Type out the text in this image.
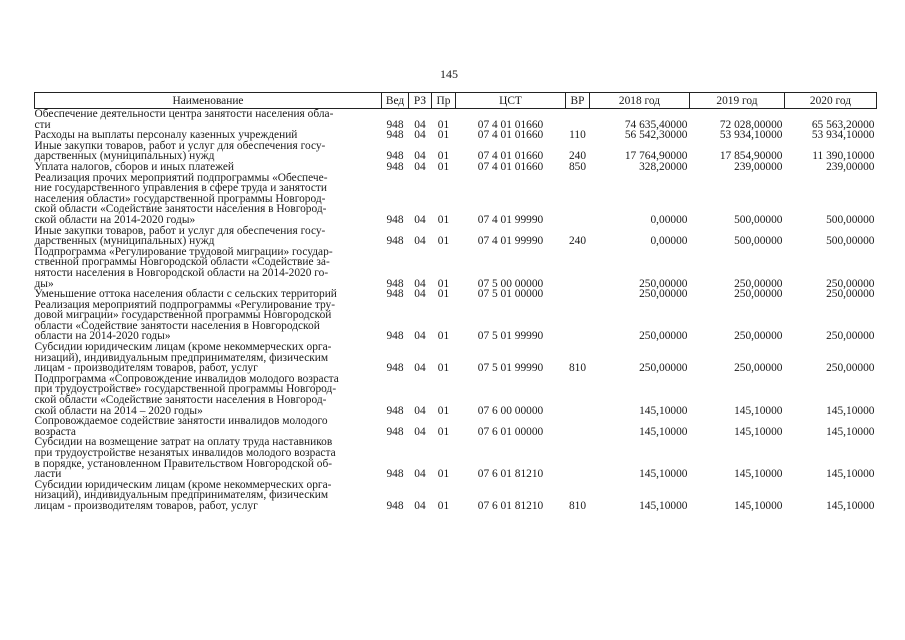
145
Наименование	Вед	РЗ	Пр	ЦСТ	ВР	2018 год	2019 год	2020 год

Обеспечение деятельности центра занятости населения обла-
сти	948	04	01	07 4 01 01660		74 635,40000	72 028,00000	65 563,20000

Расходы на выплаты персоналу казенных учреждений	948	04	01	07 4 01 01660	110	56 542,30000	53 934,10000	53 934,10000

Иные закупки товаров, работ и услуг для обеспечения госу-
дарственных (муниципальных) нужд	948	04	01	07 4 01 01660	240	17 764,90000	17 854,90000	11 390,10000

Уплата налогов, сборов и иных платежей	948	04	01	07 4 01 01660	850	328,20000	239,00000	239,00000

Реализация прочих мероприятий подпрограммы «Обеспече-
ние государственного управления в сфере труда и занятости
населения области» государственной программы Новгород-
ской области «Содействие занятости населения в Новгород-
ской области на 2014-2020 годы»	948	04	01	07 4 01 99990		0,00000	500,00000	500,00000

Иные закупки товаров, работ и услуг для обеспечения госу-
дарственных (муниципальных) нужд	948	04	01	07 4 01 99990	240	0,00000	500,00000	500,00000

Подпрограмма «Регулирование трудовой миграции» государ-
ственной программы Новгородской области «Содействие за-
нятости населения в Новгородской области на 2014-2020 го-
ды»	948	04	01	07 5 00 00000		250,00000	250,00000	250,00000

Уменьшение оттока населения области с сельских территорий	948	04	01	07 5 01 00000		250,00000	250,00000	250,00000

Реализация мероприятий подпрограммы «Регулирование тру-
довой миграции» государственной программы Новгородской
области «Содействие занятости населения в Новгородской
области на 2014-2020 годы»	948	04	01	07 5 01 99990		250,00000	250,00000	250,00000

Субсидии юридическим лицам (кроме некоммерческих орга-
низаций), индивидуальным предпринимателям, физическим
лицам - производителям товаров, работ, услуг	948	04	01	07 5 01 99990	810	250,00000	250,00000	250,00000

Подпрограмма «Сопровождение инвалидов молодого возраста
при трудоустройстве» государственной программы Новгород-
ской области «Содействие занятости населения в Новгород-
ской области на 2014 – 2020 годы»	948	04	01	07 6 00 00000		145,10000	145,10000	145,10000

Сопровождаемое содействие занятости инвалидов молодого
возраста	948	04	01	07 6 01 00000		145,10000	145,10000	145,10000

Субсидии на возмещение затрат на оплату труда наставников
при трудоустройстве незанятых инвалидов молодого возраста
в порядке, установленном Правительством Новгородской об-
ласти	948	04	01	07 6 01 81210		145,10000	145,10000	145,10000

Субсидии юридическим лицам (кроме некоммерческих орга-
низаций), индивидуальным предпринимателям, физическим
лицам - производителям товаров, работ, услуг	948	04	01	07 6 01 81210	810	145,10000	145,10000	145,10000
